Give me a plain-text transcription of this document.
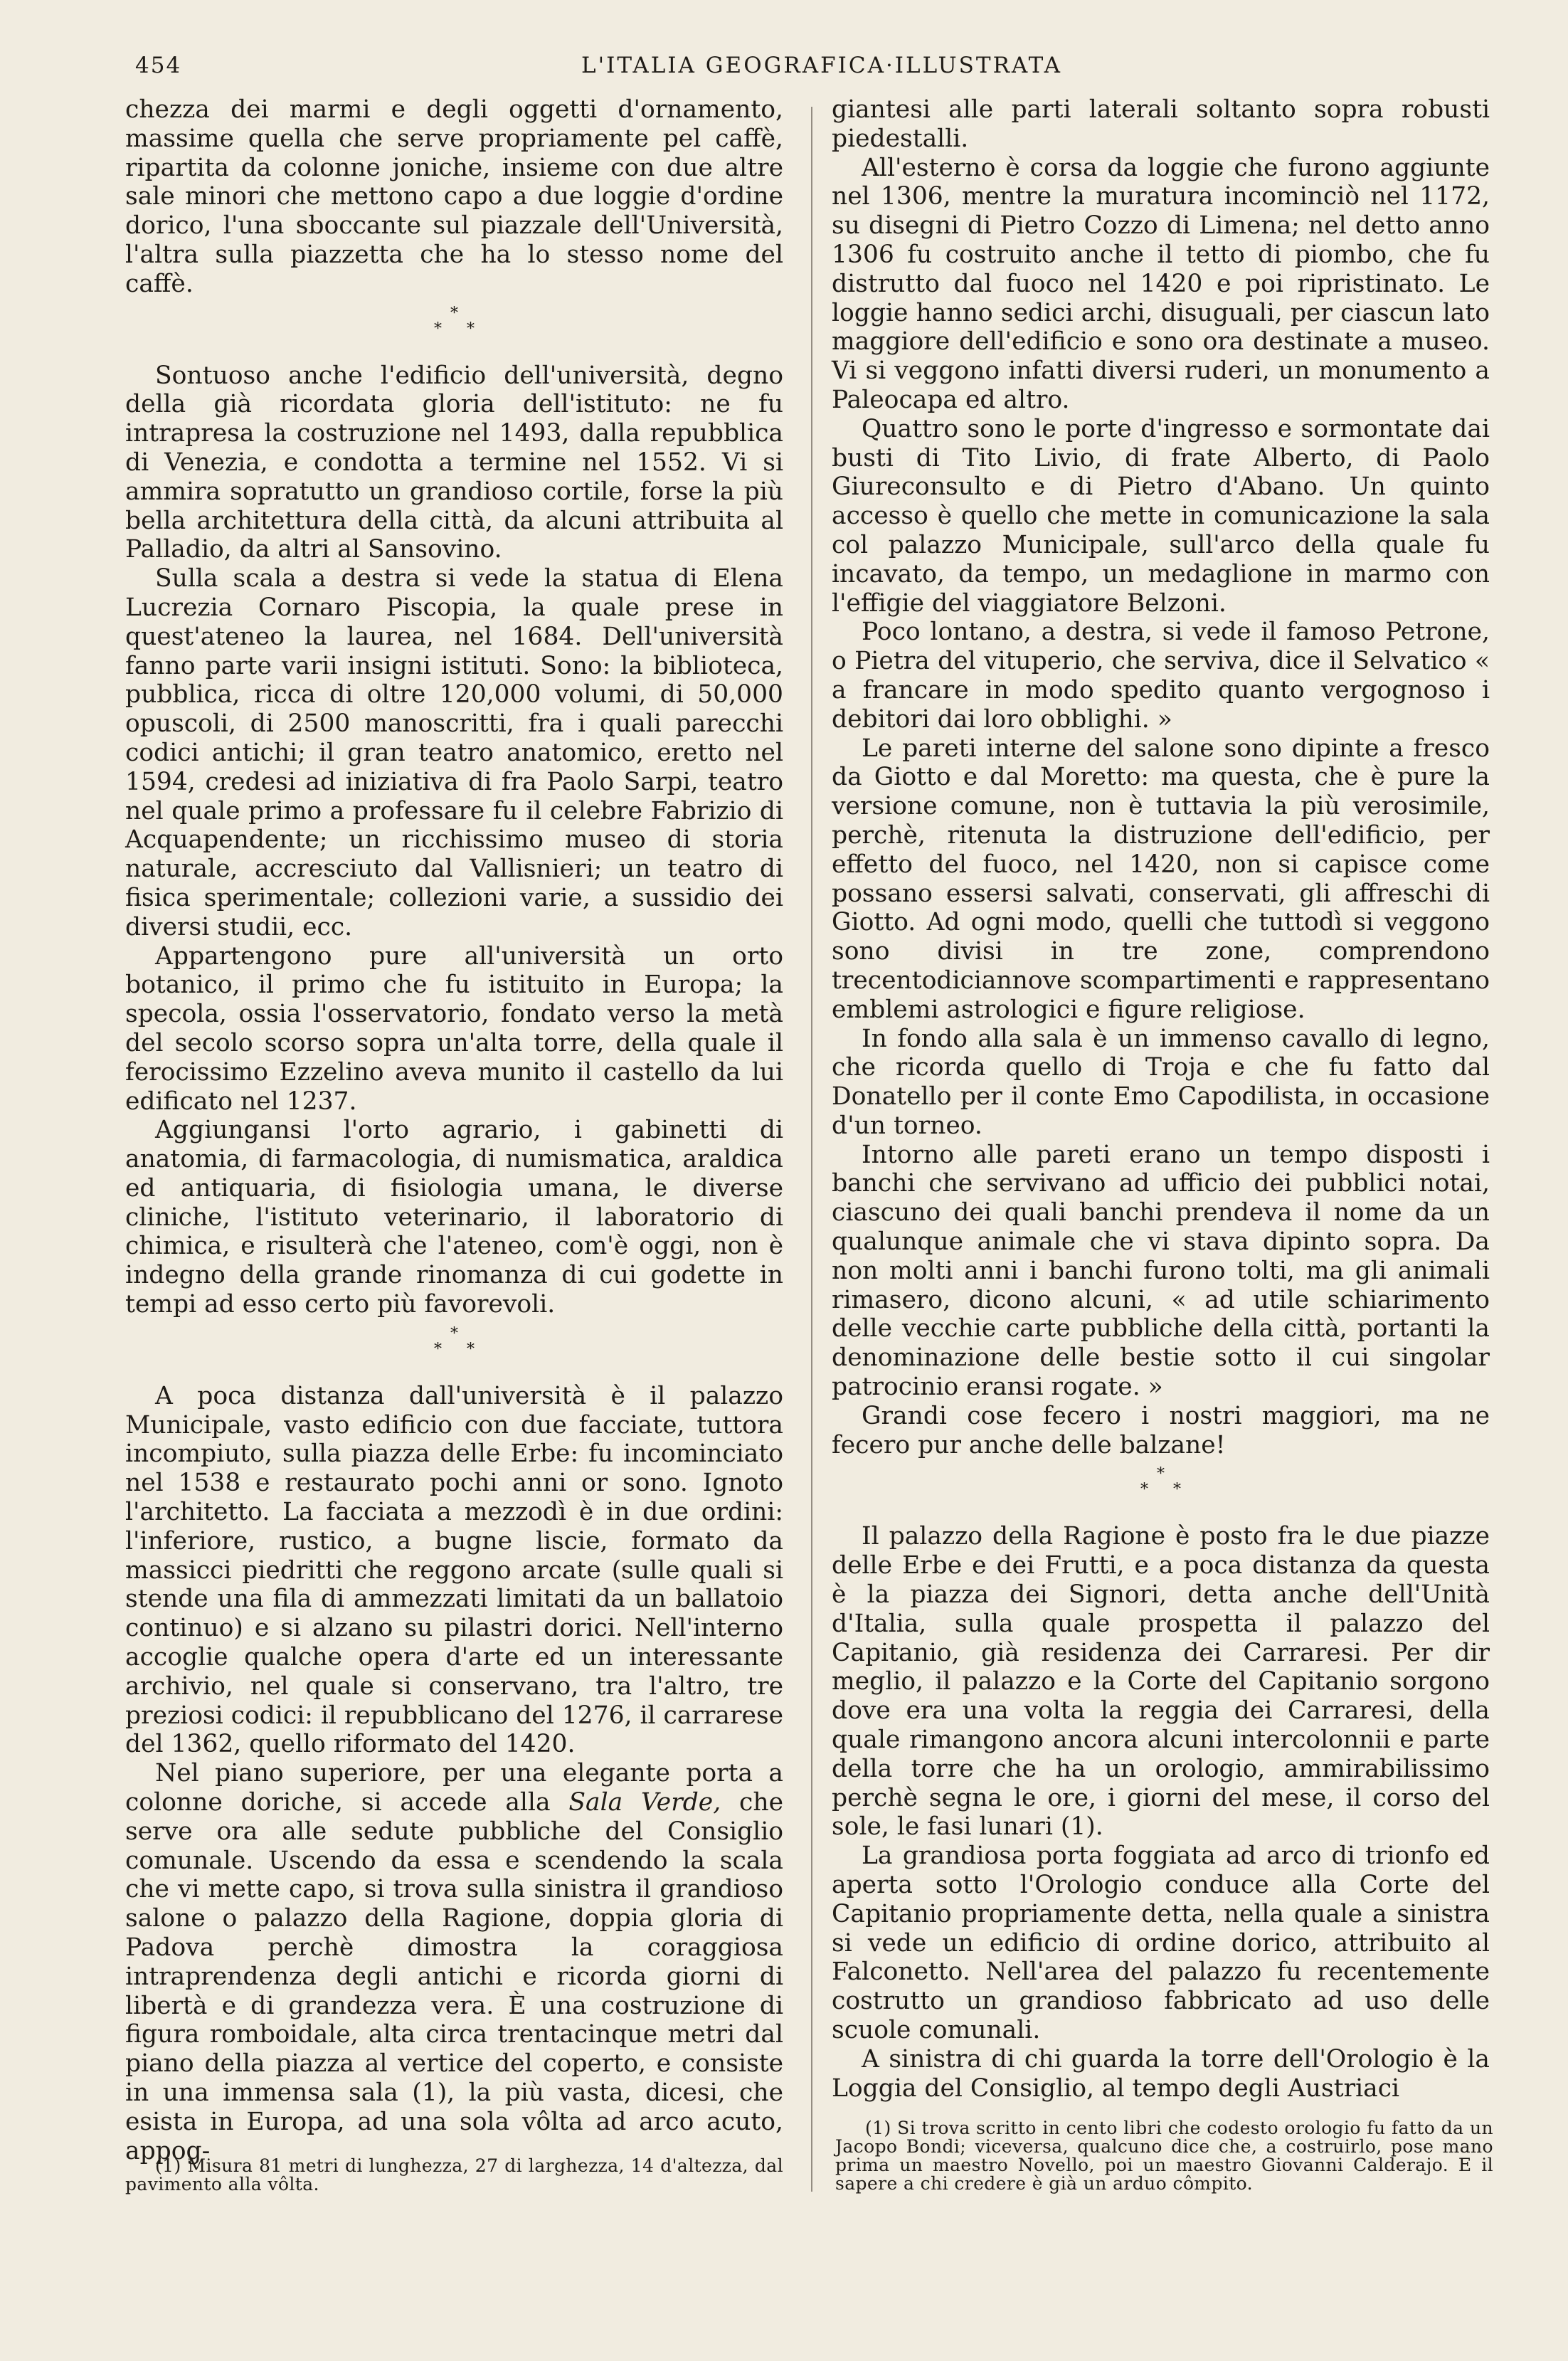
454	L'ITALIA GEOGRAFICA·ILLUSTRATA

chezza dei marmi e degli oggetti d'ornamento, massime quella che serve propriamente pel caffè, ripartita da colonne joniche, insieme con due altre sale minori che mettono capo a due loggie d'ordine dorico, l'una sboccante sul piazzale dell'Università, l'altra sulla piazzetta che ha lo stesso nome del caffè.

*
* *

Sontuoso anche l'edificio dell'università, degno della già ricordata gloria dell'istituto: ne fu intrapresa la costruzione nel 1493, dalla repubblica di Venezia, e condotta a termine nel 1552. Vi si ammira sopratutto un grandioso cortile, forse la più bella architettura della città, da alcuni attribuita al Palladio, da altri al Sansovino.

Sulla scala a destra si vede la statua di Elena Lucrezia Cornaro Piscopia, la quale prese in quest'ateneo la laurea, nel 1684. Dell'università fanno parte varii insigni istituti. Sono: la biblioteca, pubblica, ricca di oltre 120,000 volumi, di 50,000 opuscoli, di 2500 manoscritti, fra i quali parecchi codici antichi; il gran teatro anatomico, eretto nel 1594, credesi ad iniziativa di fra Paolo Sarpi, teatro nel quale primo a professare fu il celebre Fabrizio di Acquapendente; un ricchissimo museo di storia naturale, accresciuto dal Vallisnieri; un teatro di fisica sperimentale; collezioni varie, a sussidio dei diversi studii, ecc.

Appartengono pure all'università un orto botanico, il primo che fu istituito in Europa; la specola, ossia l'osservatorio, fondato verso la metà del secolo scorso sopra un'alta torre, della quale il ferocissimo Ezzelino aveva munito il castello da lui edificato nel 1237.

Aggiungansi l'orto agrario, i gabinetti di anatomia, di farmacologia, di numismatica, araldica ed antiquaria, di fisiologia umana, le diverse cliniche, l'istituto veterinario, il laboratorio di chimica, e risulterà che l'ateneo, com'è oggi, non è indegno della grande rinomanza di cui godette in tempi ad esso certo più favorevoli.

*
* *

A poca distanza dall'università è il palazzo Municipale, vasto edificio con due facciate, tuttora incompiuto, sulla piazza delle Erbe: fu incominciato nel 1538 e restaurato pochi anni or sono. Ignoto l'architetto. La facciata a mezzodì è in due ordini: l'inferiore, rustico, a bugne liscie, formato da massicci piedritti che reggono arcate (sulle quali si stende una fila di ammezzati limitati da un ballatoio continuo) e si alzano su pilastri dorici. Nell'interno accoglie qualche opera d'arte ed un interessante archivio, nel quale si conservano, tra l'altro, tre preziosi codici: il repubblicano del 1276, il carrarese del 1362, quello riformato del 1420.

Nel piano superiore, per una elegante porta a colonne doriche, si accede alla Sala Verde, che serve ora alle sedute pubbliche del Consiglio comunale. Uscendo da essa e scendendo la scala che vi mette capo, si trova sulla sinistra il grandioso salone o palazzo della Ragione, doppia gloria di Padova perchè dimostra la coraggiosa intraprendenza degli antichi e ricorda giorni di libertà e di grandezza vera. È una costruzione di figura romboidale, alta circa trentacinque metri dal piano della piazza al vertice del coperto, e consiste in una immensa sala (1), la più vasta, dicesi, che esista in Europa, ad una sola vôlta ad arco acuto, appog-

giantesi alle parti laterali soltanto sopra robusti piedestalli.

All'esterno è corsa da loggie che furono aggiunte nel 1306, mentre la muratura incominciò nel 1172, su disegni di Pietro Cozzo di Limena; nel detto anno 1306 fu costruito anche il tetto di piombo, che fu distrutto dal fuoco nel 1420 e poi ripristinato. Le loggie hanno sedici archi, disuguali, per ciascun lato maggiore dell'edificio e sono ora destinate a museo. Vi si veggono infatti diversi ruderi, un monumento a Paleocapa ed altro.

Quattro sono le porte d'ingresso e sormontate dai busti di Tito Livio, di frate Alberto, di Paolo Giureconsulto e di Pietro d'Abano. Un quinto accesso è quello che mette in comunicazione la sala col palazzo Municipale, sull'arco della quale fu incavato, da tempo, un medaglione in marmo con l'effigie del viaggiatore Belzoni.

Poco lontano, a destra, si vede il famoso Petrone, o Pietra del vituperio, che serviva, dice il Selvatico « a francare in modo spedito quanto vergognoso i debitori dai loro obblighi. »

Le pareti interne del salone sono dipinte a fresco da Giotto e dal Moretto: ma questa, che è pure la versione comune, non è tuttavia la più verosimile, perchè, ritenuta la distruzione dell'edificio, per effetto del fuoco, nel 1420, non si capisce come possano essersi salvati, conservati, gli affreschi di Giotto. Ad ogni modo, quelli che tuttodì si veggono sono divisi in tre zone, comprendono trecentodiciannove scompartimenti e rappresentano emblemi astrologici e figure religiose.

In fondo alla sala è un immenso cavallo di legno, che ricorda quello di Troja e che fu fatto dal Donatello per il conte Emo Capodilista, in occasione d'un torneo.

Intorno alle pareti erano un tempo disposti i banchi che servivano ad ufficio dei pubblici notai, ciascuno dei quali banchi prendeva il nome da un qualunque animale che vi stava dipinto sopra. Da non molti anni i banchi furono tolti, ma gli animali rimasero, dicono alcuni, « ad utile schiarimento delle vecchie carte pubbliche della città, portanti la denominazione delle bestie sotto il cui singolar patrocinio eransi rogate. »

Grandi cose fecero i nostri maggiori, ma ne fecero pur anche delle balzane!

*
* *

Il palazzo della Ragione è posto fra le due piazze delle Erbe e dei Frutti, e a poca distanza da questa è la piazza dei Signori, detta anche dell'Unità d'Italia, sulla quale prospetta il palazzo del Capitanio, già residenza dei Carraresi. Per dir meglio, il palazzo e la Corte del Capitanio sorgono dove era una volta la reggia dei Carraresi, della quale rimangono ancora alcuni intercolonnii e parte della torre che ha un orologio, ammirabilissimo perchè segna le ore, i giorni del mese, il corso del sole, le fasi lunari (1).

La grandiosa porta foggiata ad arco di trionfo ed aperta sotto l'Orologio conduce alla Corte del Capitanio propriamente detta, nella quale a sinistra si vede un edificio di ordine dorico, attribuito al Falconetto. Nell'area del palazzo fu recentemente costrutto un grandioso fabbricato ad uso delle scuole comunali.

A sinistra di chi guarda la torre dell'Orologio è la Loggia del Consiglio, al tempo degli Austriaci

(1) Misura 81 metri di lunghezza, 27 di larghezza, 14 d'altezza, dal pavimento alla vôlta.

(1) Si trova scritto in cento libri che codesto orologio fu fatto da un Jacopo Bondi; viceversa, qualcuno dice che, a costruirlo, pose mano prima un maestro Novello, poi un maestro Giovanni Calderajo. E il sapere a chi credere è già un arduo cômpito.
